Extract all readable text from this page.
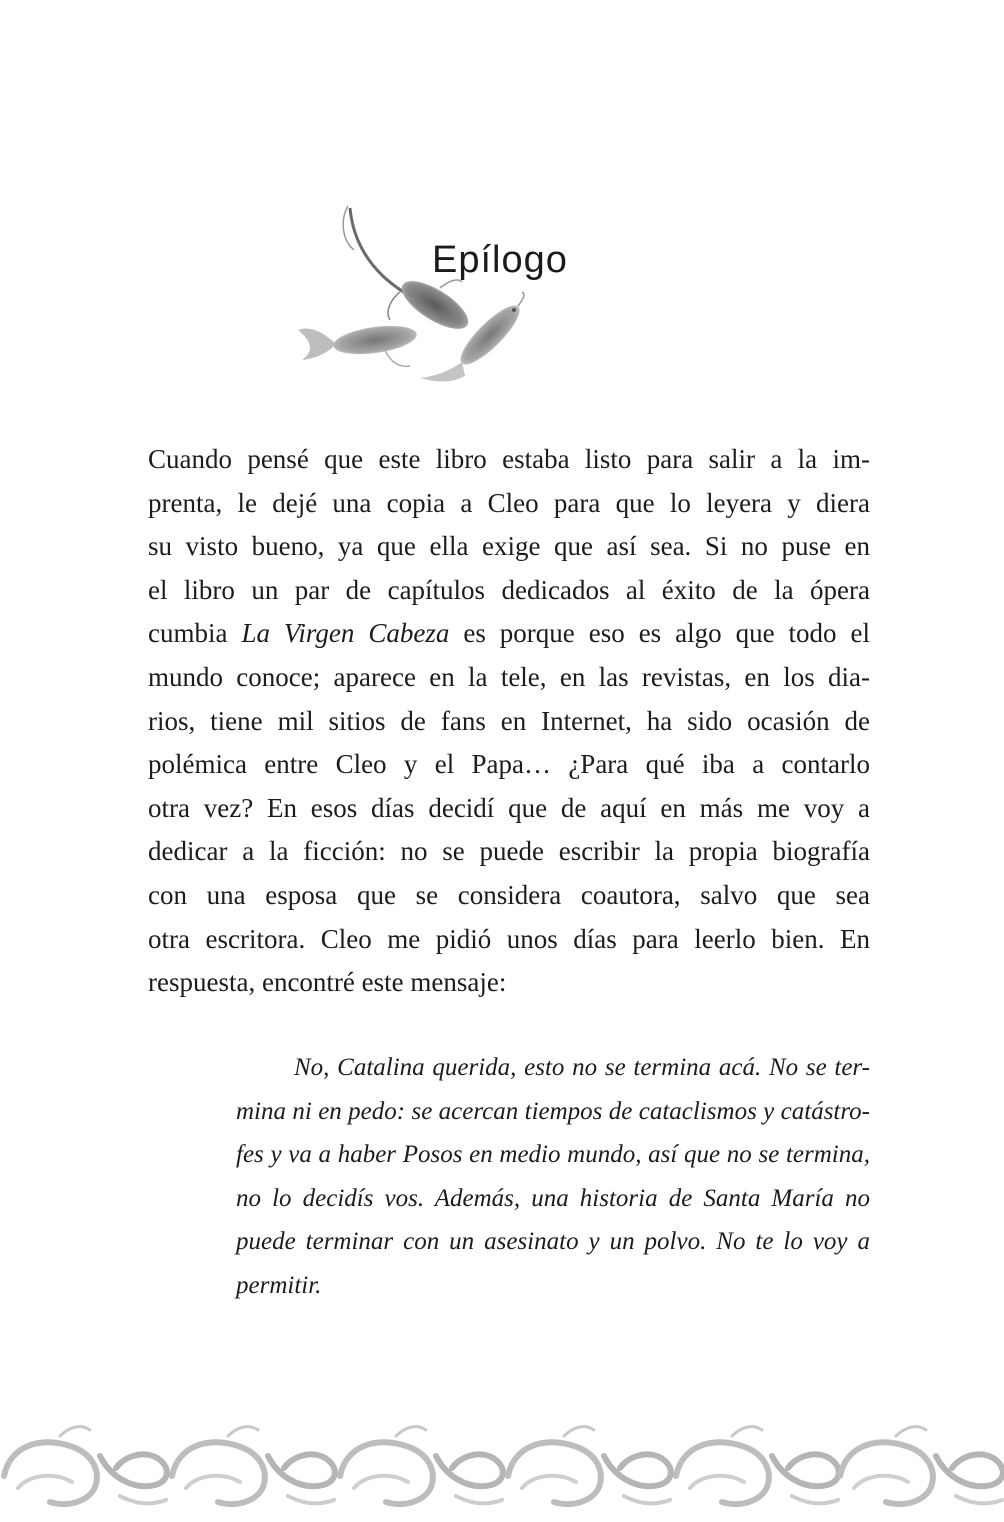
Epílogo

Cuando pensé que este libro estaba listo para salir a la im-
prenta, le dejé una copia a Cleo para que lo leyera y diera
su visto bueno, ya que ella exige que así sea. Si no puse en
el libro un par de capítulos dedicados al éxito de la ópera
cumbia La Virgen Cabeza es porque eso es algo que todo el
mundo conoce; aparece en la tele, en las revistas, en los dia-
rios, tiene mil sitios de fans en Internet, ha sido ocasión de
polémica entre Cleo y el Papa… ¿Para qué iba a contarlo
otra vez? En esos días decidí que de aquí en más me voy a
dedicar a la ficción: no se puede escribir la propia biografía
con una esposa que se considera coautora, salvo que sea
otra escritora. Cleo me pidió unos días para leerlo bien. En
respuesta, encontré este mensaje:

No, Catalina querida, esto no se termina acá. No se ter-
mina ni en pedo: se acercan tiempos de cataclismos y catástro-
fes y va a haber Posos en medio mundo, así que no se termina,
no lo decidís vos. Además, una historia de Santa María no
puede terminar con un asesinato y un polvo. No te lo voy a
permitir.
